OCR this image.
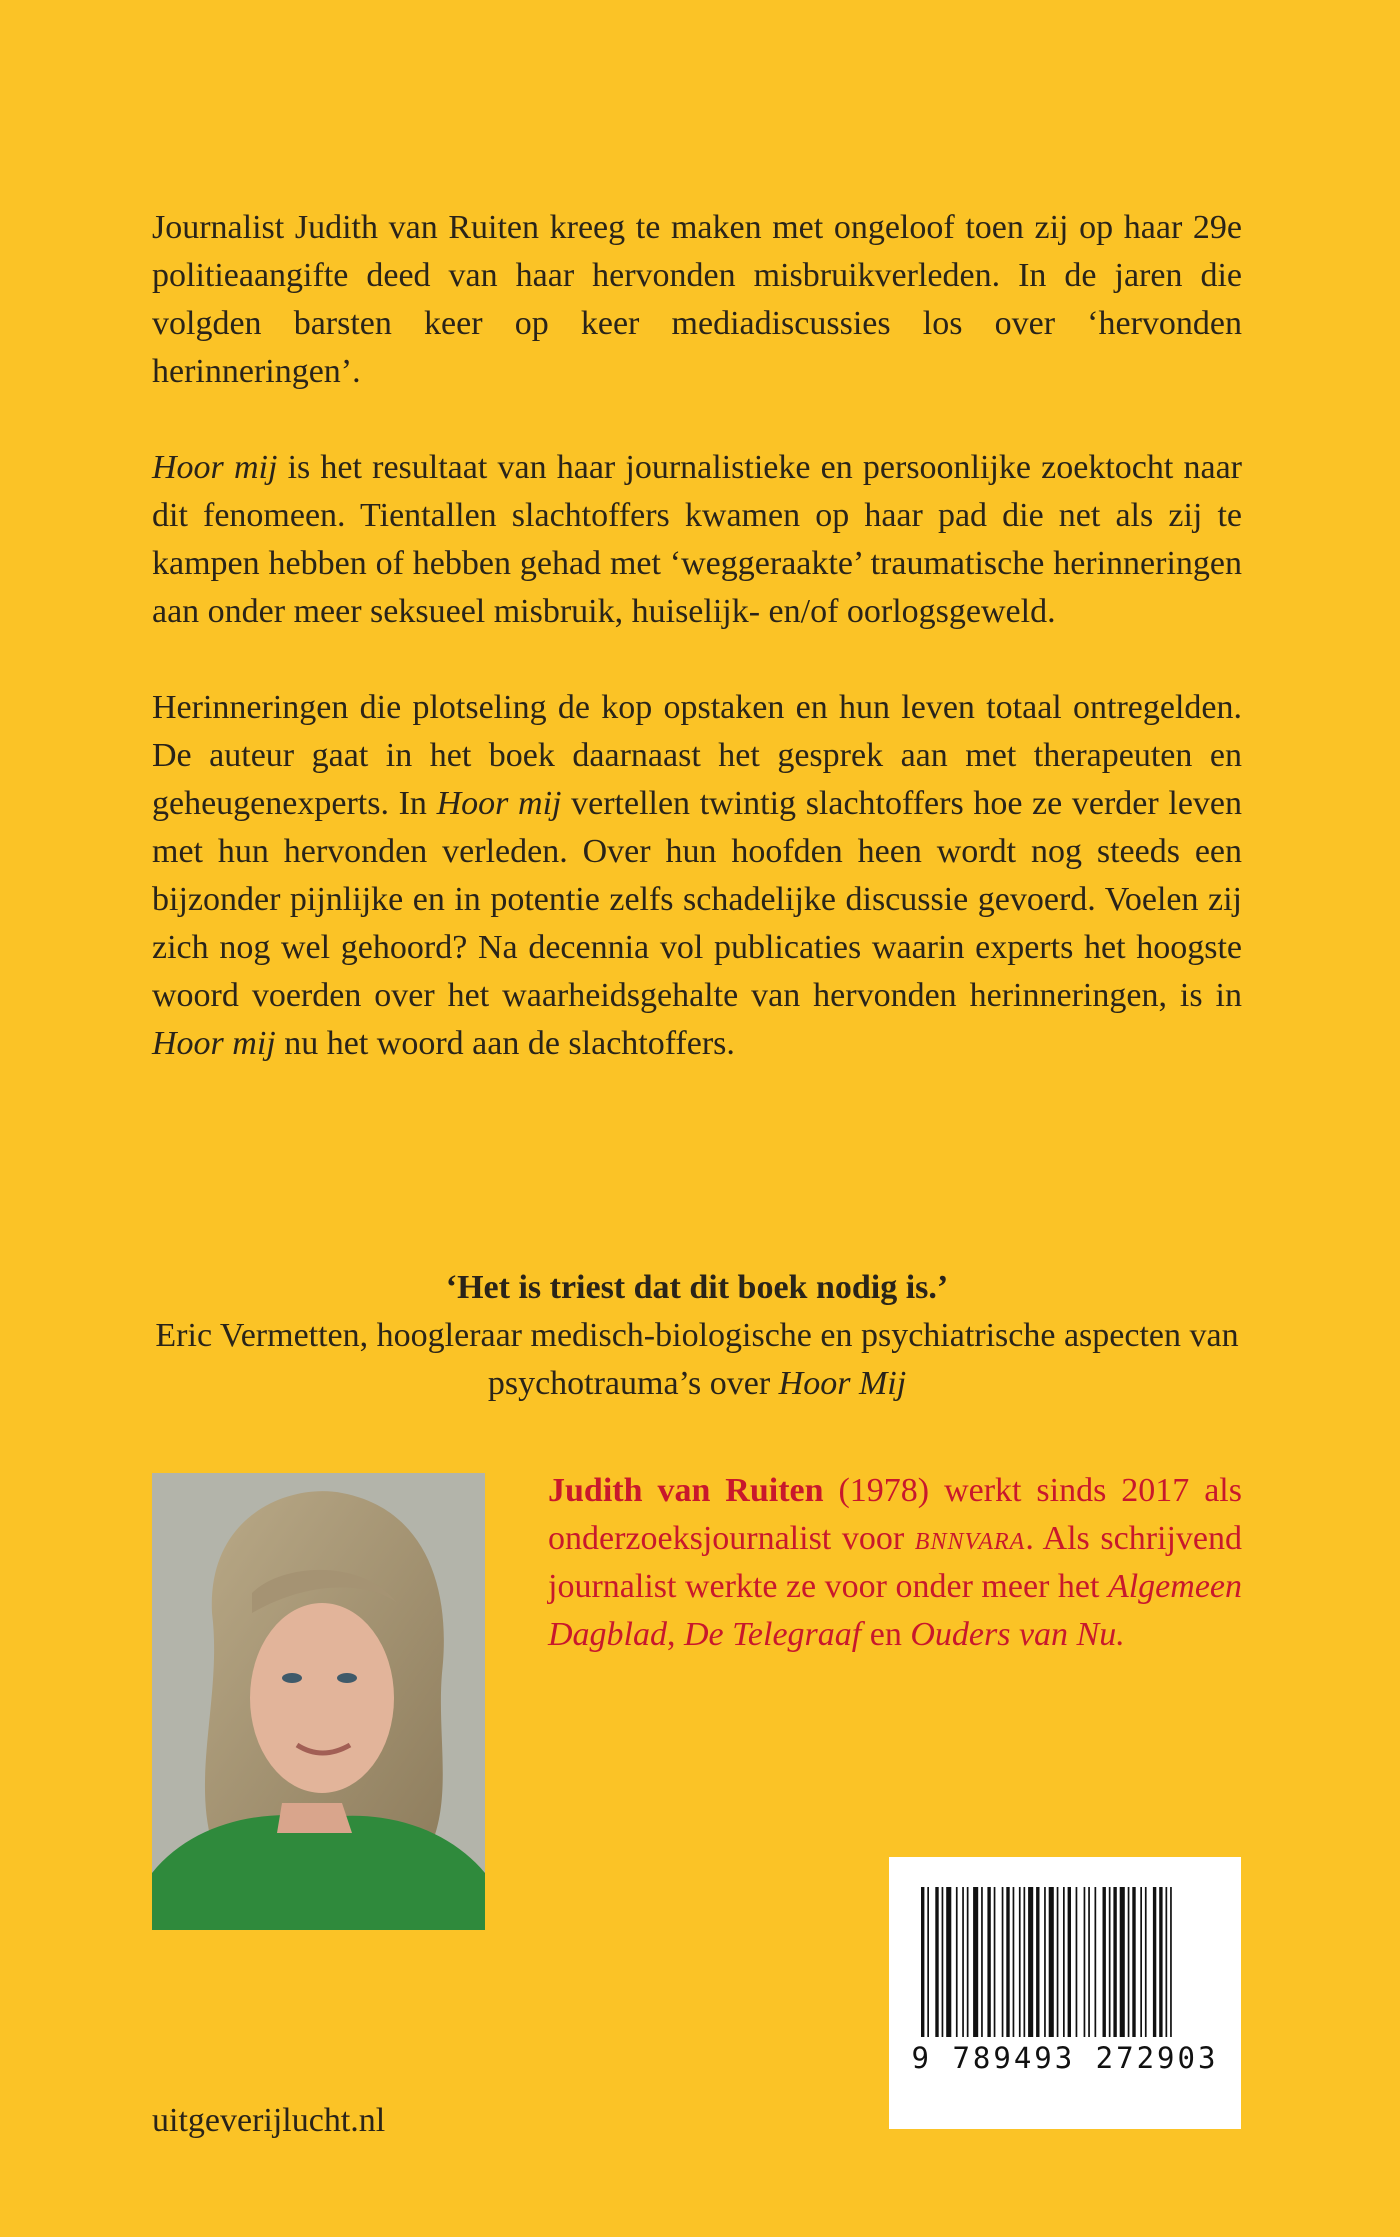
Journalist Judith van Ruiten kreeg te maken met ongeloof toen zij op haar 29e politieaangifte deed van haar hervonden misbruikverleden. In de jaren die volgden barsten keer op keer mediadiscussies los over ‘hervonden herinneringen’.

Hoor mij is het resultaat van haar journalistieke en persoonlijke zoektocht naar dit fenomeen. Tientallen slachtoffers kwamen op haar pad die net als zij te kampen hebben of hebben gehad met ‘weggeraakte’ traumatische herinneringen aan onder meer seksueel misbruik, huiselijk- en/of oorlogsgeweld.

Herinneringen die plotseling de kop opstaken en hun leven totaal ontregelden. De auteur gaat in het boek daarnaast het gesprek aan met therapeuten en geheugenexperts. In Hoor mij vertellen twintig slachtoffers hoe ze verder leven met hun hervonden verleden. Over hun hoofden heen wordt nog steeds een bijzonder pijnlijke en in potentie zelfs schadelijke discussie gevoerd. Voelen zij zich nog wel gehoord? Na decennia vol publicaties waarin experts het hoogste woord voerden over het waarheidsgehalte van hervonden herinneringen, is in Hoor mij nu het woord aan de slachtoffers.

‘Het is triest dat dit boek nodig is.’
Eric Vermetten, hoogleraar medisch-biologische en psychiatrische aspecten van psychotrauma’s over Hoor Mij
Judith van Ruiten (1978) werkt sinds 2017 als onderzoeksjournalist voor bnnvara. Als schrijvend journalist werkte ze voor onder meer het Algemeen Dagblad, De Telegraaf en Ouders van Nu.
uitgeverijlucht.nl
9 789493 272903
